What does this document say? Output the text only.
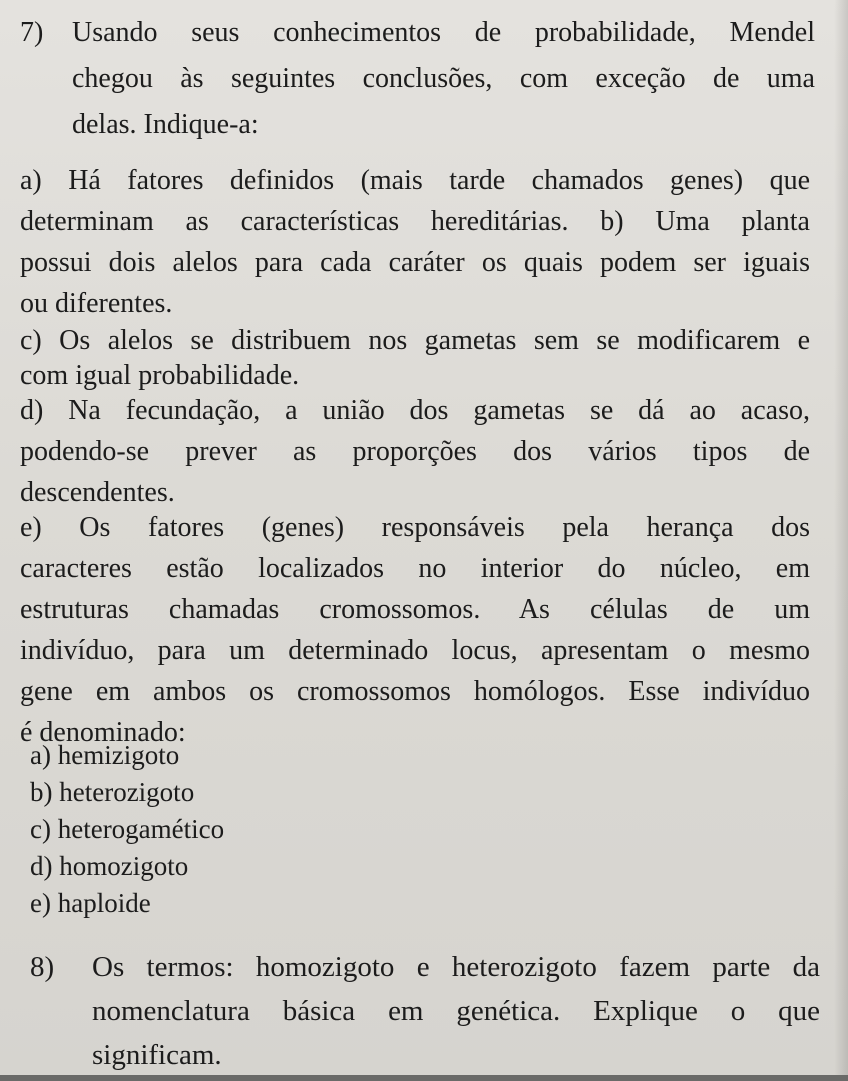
7) Usando seus conhecimentos de probabilidade, Mendel
chegou às seguintes conclusões, com exceção de uma
delas. Indique-a:
a) Há fatores definidos (mais tarde chamados genes) que
determinam as características hereditárias. b) Uma planta
possui dois alelos para cada caráter os quais podem ser iguais
ou diferentes.
c) Os alelos se distribuem nos gametas sem se modificarem e
com igual probabilidade.
d) Na fecundação, a união dos gametas se dá ao acaso,
podendo-se prever as proporções dos vários tipos de
descendentes.
e) Os fatores (genes) responsáveis pela herança dos
caracteres estão localizados no interior do núcleo, em
estruturas chamadas cromossomos. As células de um
indivíduo, para um determinado locus, apresentam o mesmo
gene em ambos os cromossomos homólogos. Esse indivíduo
é denominado:
a) hemizigoto
b) heterozigoto
c) heterogamético
d) homozigoto
e) haploide
8) Os termos: homozigoto e heterozigoto fazem parte da
nomenclatura básica em genética. Explique o que
significam.
